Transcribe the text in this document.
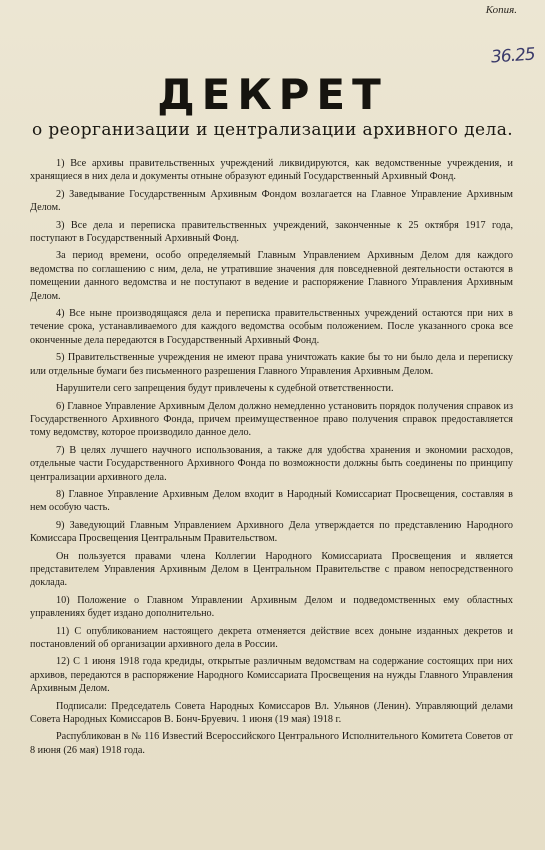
Копия.
36.25
ДЕКРЕТ
о реорганизации и централизации архивного дела.

1) Все архивы правительственных учреждений ликвидируются, как ведомственные учреждения, и хранящиеся в них дела и документы отныне образуют единый Государственный Архивный Фонд.

2) Заведывание Государственным Архивным Фондом возлагается на Главное Управление Архивным Делом.

3) Все дела и переписка правительственных учреждений, законченные к 25 октября 1917 года, поступают в Государственный Архивный Фонд.

За период времени, особо определяемый Главным Управлением Архивным Делом для каждого ведомства по соглашению с ним, дела, не утратившие значения для повседневной деятельности остаются в помещении данного ведомства и не поступают в ведение и распоряжение Главного Управления Архивным Делом.

4) Все ныне производящаяся дела и переписка правительственных учреждений остаются при них в течение срока, устанавливаемого для каждого ведомства особым положением. После указанного срока все оконченные дела передаются в Государственный Архивный Фонд.

5) Правительственные учреждения не имеют права уничтожать какие бы то ни было дела и переписку или отдельные бумаги без письменного разрешения Главного Управления Архивным Делом.

Нарушители сего запрещения будут привлечены к судебной ответственности.

6) Главное Управление Архивным Делом должно немедленно установить порядок получения справок из Государственного Архивного Фонда, причем преимущественное право получения справок предоставляется тому ведомству, которое производило данное дело.

7) В целях лучшего научного использования, а также для удобства хранения и экономии расходов, отдельные части Государственного Архивного Фонда по возможности должны быть соединены по принципу централизации архивного дела.

8) Главное Управление Архивным Делом входит в Народный Комиссариат Просвещения, составляя в нем особую часть.

9) Заведующий Главным Управлением Архивного Дела утверждается по представлению Народного Комиссара Просвещения Центральным Правительством.

Он пользуется правами члена Коллегии Народного Комиссариата Просвещения и является представителем Управления Архивным Делом в Центральном Правительстве с правом непосредственного доклада.

10) Положение о Главном Управлении Архивным Делом и подведомственных ему областных управлениях будет издано дополнительно.

11) С опубликованием настоящего декрета отменяется действие всех доныне изданных декретов и постановлений об организации архивного дела в России.

12) С 1 июня 1918 года кредиды, открытые различным ведомствам на содержание состоящих при них архивов, передаются в распоряжение Народного Комиссариата Просвещения на нужды Главного Управления Архивным Делом.

Подписали: Председатель Совета Народных Комиссаров Вл. Ульянов (Ленин). Управляющий делами Совета Народных Комиссаров В. Бонч-Бруевич. 1 июня (19 мая) 1918 г.

Распубликован в № 116 Известий Всероссийского Центрального Исполнительного Комитета Советов от 8 июня (26 мая) 1918 года.
